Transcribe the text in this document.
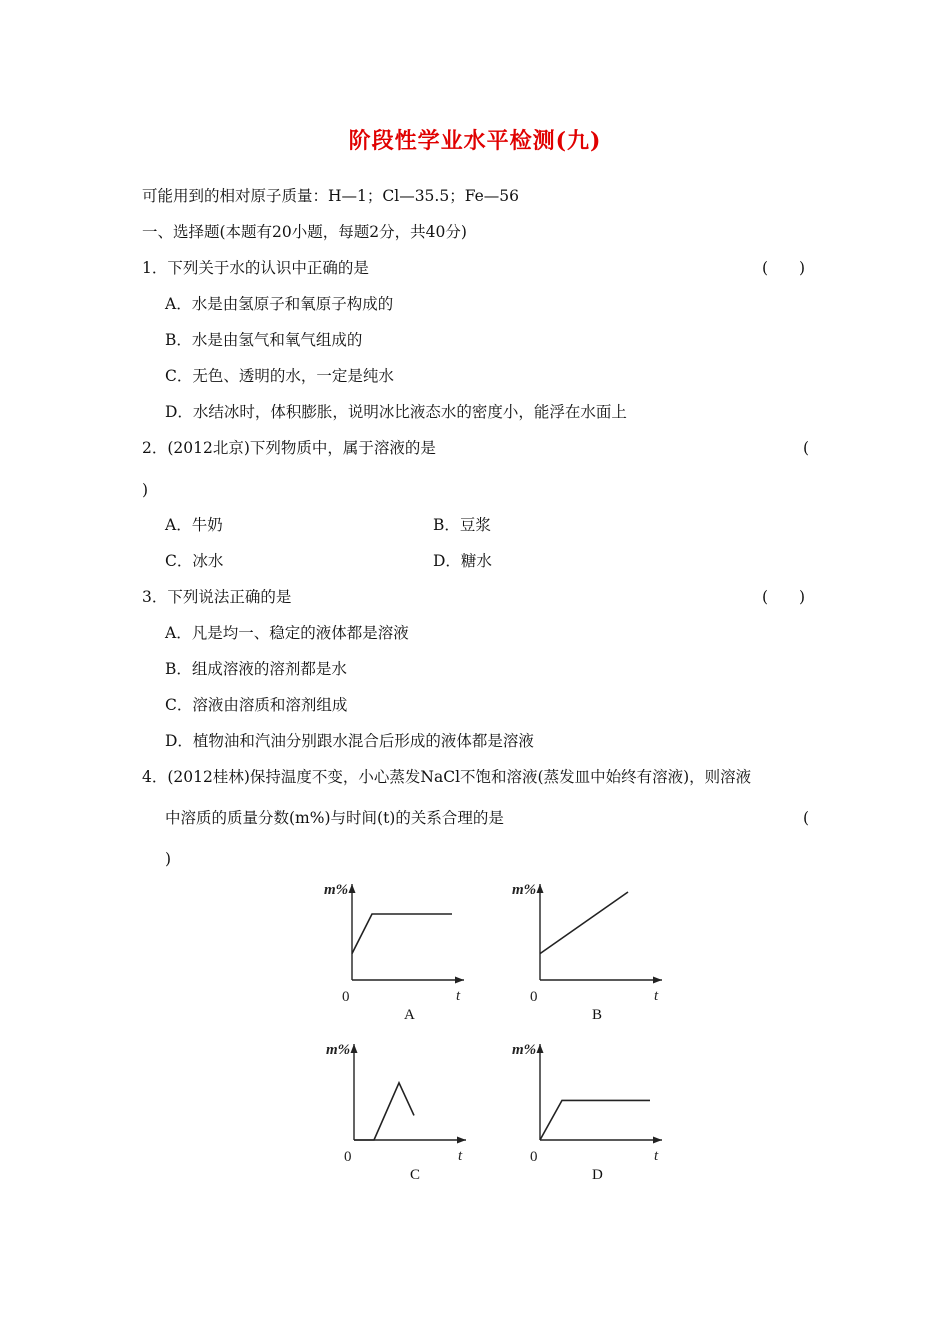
阶段性学业水平检测(九)
可能用到的相对原子质量：H—1；Cl—35.5；Fe—56
一、选择题(本题有20小题，每题2分，共40分)
1．下列关于水的认识中正确的是	(　　)
A．水是由氢原子和氧原子构成的
B．水是由氢气和氧气组成的
C．无色、透明的水，一定是纯水
D．水结冰时，体积膨胀，说明冰比液态水的密度小，能浮在水面上
2．(2012北京)下列物质中，属于溶液的是	(
)
A．牛奶	B．豆浆
C．冰水	D．糖水
3．下列说法正确的是	(　　)
A．凡是均一、稳定的液体都是溶液
B．组成溶液的溶剂都是水
C．溶液由溶质和溶剂组成
D．植物油和汽油分别跟水混合后形成的液体都是溶液
4．(2012桂林)保持温度不变，小心蒸发NaCl不饱和溶液(蒸发皿中始终有溶液)，则溶液
中溶质的质量分数(m%)与时间(t)的关系合理的是	(
)
m%
t
0
m%
t
0
m%
t
0
m%
t
0
A	B
C	D
